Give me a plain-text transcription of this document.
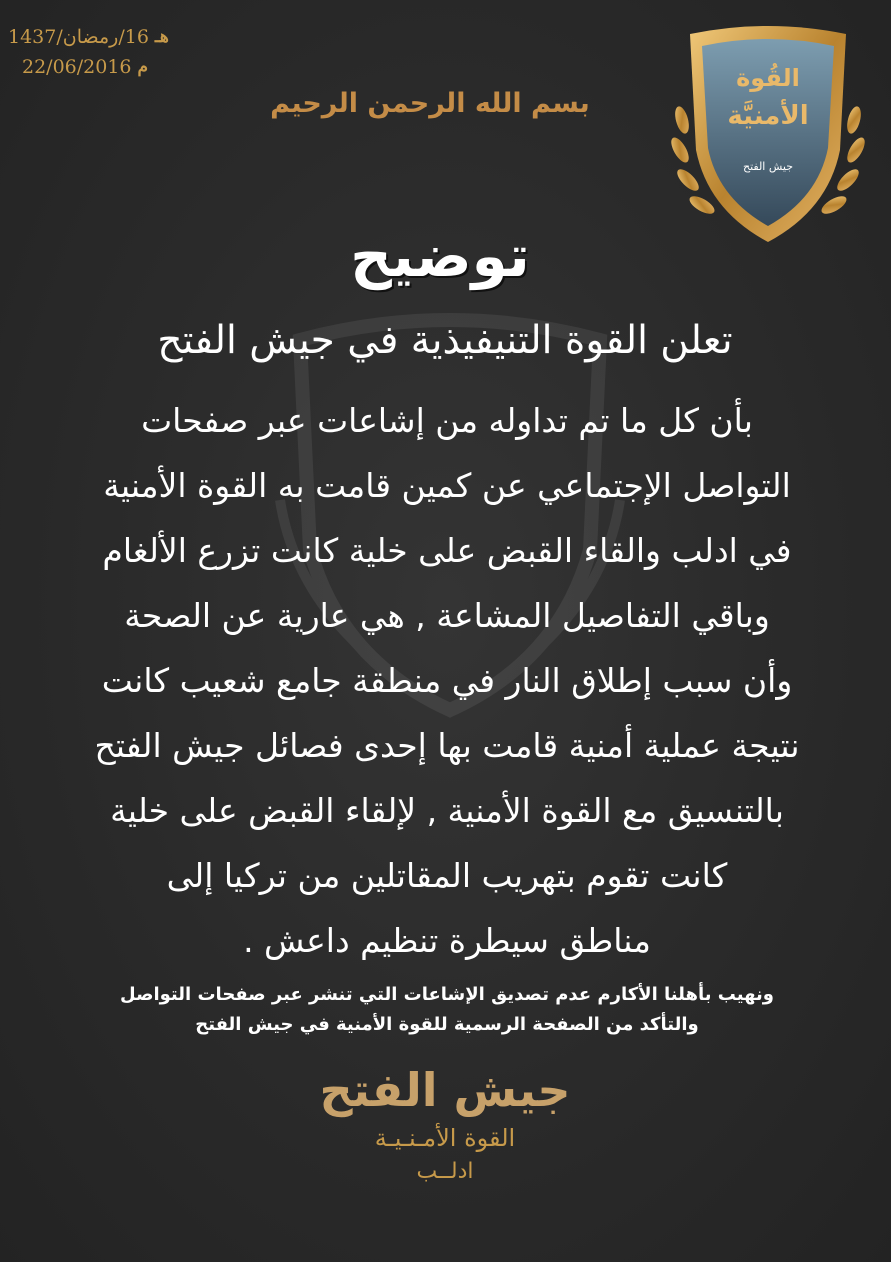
16/رمضان/1437 هـ
22/06/2016 م
بسم الله الرحمن الرحيم
القُوة
الأمنيَّة
جيش الفتح
توضيح
تعلن القوة التنيفيذية في جيش الفتح
بأن كل ما تم تداوله من إشاعات عبر صفحات
التواصل الإجتماعي عن كمين قامت به القوة الأمنية
في ادلب والقاء القبض على خلية كانت تزرع الألغام
وباقي التفاصيل المشاعة , هي عارية عن الصحة
وأن سبب إطلاق النار في منطقة جامع شعيب كانت
نتيجة عملية أمنية قامت بها إحدى فصائل جيش الفتح
بالتنسيق مع القوة الأمنية , لإلقاء القبض على خلية
كانت تقوم بتهريب المقاتلين من تركيا إلى
مناطق سيطرة تنظيم داعش .
ونهيب بأهلنا الأكارم عدم تصديق الإشاعات التي تنشر عبر صفحات التواصل
والتأكد من الصفحة الرسمية للقوة الأمنية في جيش الفتح
جيش الفتح
القوة الأمـنـيـة
ادلــب
